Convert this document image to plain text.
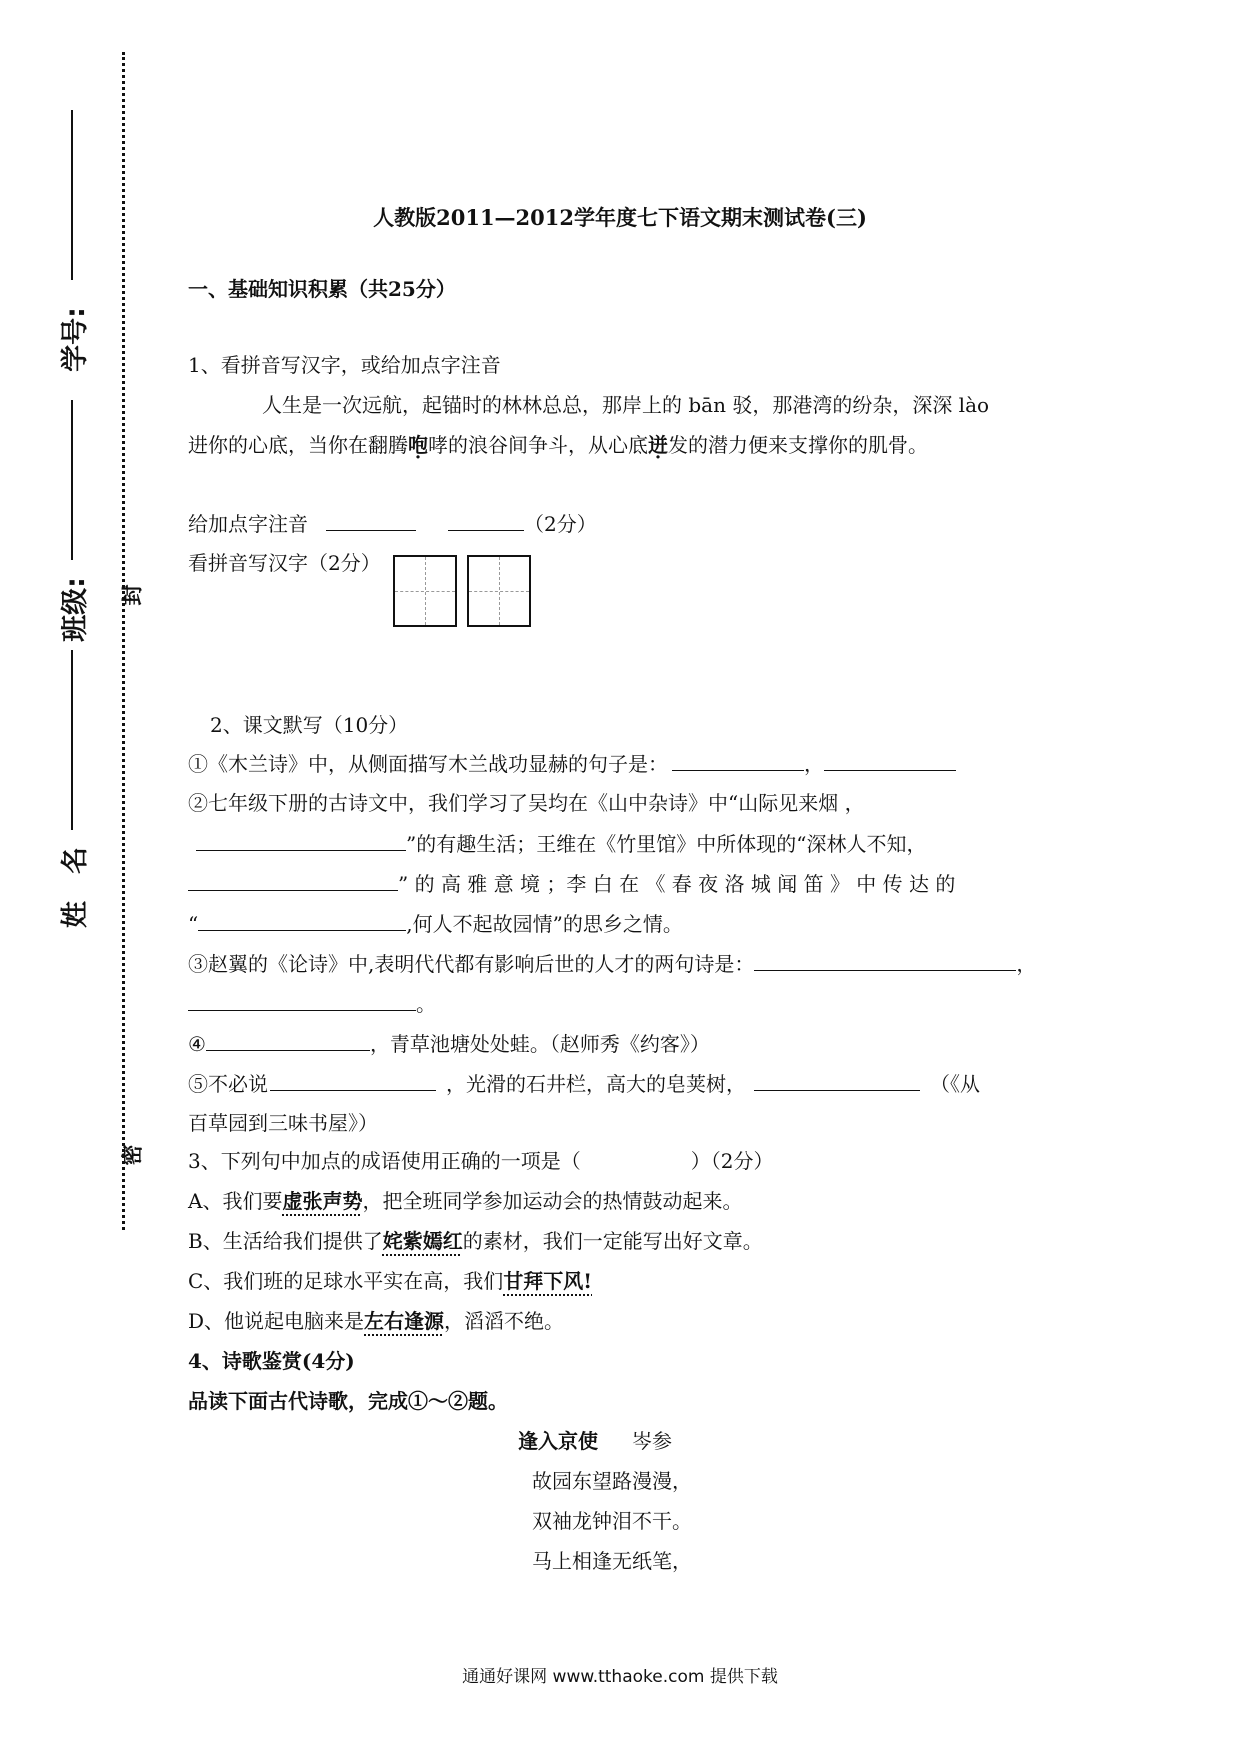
学号:
班级:
姓　名
封
密
人教版2011—2012学年度七下语文期末测试卷(三)
一、基础知识积累（共25分）
1、看拼音写汉字，或给加点字注音
人生是一次远航，起锚时的林林总总，那岸上的 bān 驳，那港湾的纷杂，深深 lào
进你的心底，当你在翻腾咆哮的浪谷间争斗，从心底迸发的潜力便来支撑你的肌骨。
给加点字注音	（2分）
看拼音写汉字（2分）
2、课文默写（10分）
①《木兰诗》中，从侧面描写木兰战功显赫的句子是：	，
②七年级下册的古诗文中，我们学习了吴均在《山中杂诗》中“山际见来烟 ，
”的有趣生活；王维在《竹里馆》中所体现的“深林人不知，
” 的 高 雅 意 境 ；李 白 在 《 春 夜 洛 城 闻 笛 》 中 传 达 的
“	,何人不起故园情”的思乡之情。
③赵翼的《论诗》中,表明代代都有影响后世的人才的两句诗是：	，
。
④	，青草池塘处处蛙。（赵师秀《约客》）
⑤不必说	，光滑的石井栏，高大的皂荚树，	（《从
百草园到三味书屋》）
3、下列句中加点的成语使用正确的一项是（	）（2分）
A、我们要虚张声势，把全班同学参加运动会的热情鼓动起来。
B、生活给我们提供了姹紫嫣红的素材，我们一定能写出好文章。
C、我们班的足球水平实在高，我们甘拜下风!
D、他说起电脑来是左右逢源，滔滔不绝。
4、诗歌鉴赏(4分)
品读下面古代诗歌，完成①～②题。
逢入京使 岑参
故园东望路漫漫，
双袖龙钟泪不干。
马上相逢无纸笔，
通通好课网 www.tthaoke.com 提供下载
